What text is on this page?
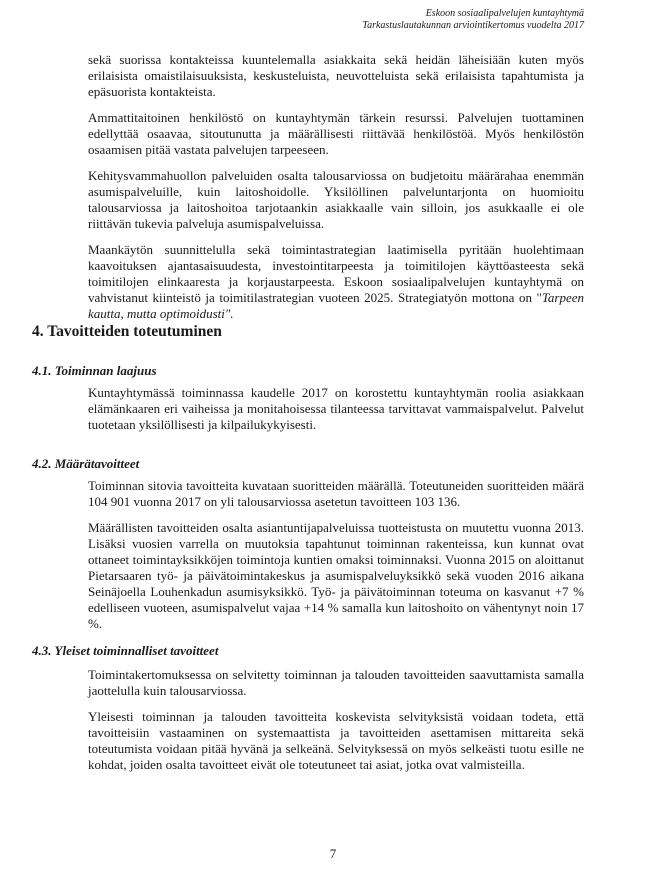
Eskoon sosiaalipalvelujen kuntayhtymä
Tarkastuslautakunnan arviointikertomus vuodelta 2017

sekä suorissa kontakteissa kuuntelemalla asiakkaita sekä heidän läheisiään kuten myös erilaisista omaistilaisuuksista, keskusteluista, neuvotteluista sekä erilaisista tapahtumista ja epäsuorista kontakteista.

Ammattitaitoinen henkilöstö on kuntayhtymän tärkein resurssi. Palvelujen tuottaminen edellyttää osaavaa, sitoutunutta ja määrällisesti riittävää henkilöstöä. Myös henkilöstön osaamisen pitää vastata palvelujen tarpeeseen.

Kehitysvammahuollon palveluiden osalta talousarviossa on budjetoitu määrärahaa enemmän asumispalveluille, kuin laitoshoidolle. Yksilöllinen palveluntarjonta on huomioitu talousarviossa ja laitoshoitoa tarjotaankin asiakkaalle vain silloin, jos asukkaalle ei ole riittävän tukevia palveluja asumispalveluissa.

Maankäytön suunnittelulla sekä toimintastrategian laatimisella pyritään huolehtimaan kaavoituksen ajantasaisuudesta, investointitarpeesta ja toimitilojen käyttöasteesta sekä toimitilojen elinkaaresta ja korjaustarpeesta. Eskoon sosiaalipalvelujen kuntayhtymä on vahvistanut kiinteistö ja toimitilastrategian vuoteen 2025. Strategiatyön mottona on "Tarpeen kautta, mutta optimoidusti".

4. Tavoitteiden toteutuminen
4.1. Toiminnan laajuus

Kuntayhtymässä toiminnassa kaudelle 2017 on korostettu kuntayhtymän roolia asiakkaan elämänkaaren eri vaiheissa ja monitahoisessa tilanteessa tarvittavat vammaispalvelut. Palvelut tuotetaan yksilöllisesti ja kilpailukykyisesti.

4.2. Määrätavoitteet

Toiminnan sitovia tavoitteita kuvataan suoritteiden määrällä. Toteutuneiden suoritteiden määrä 104 901 vuonna 2017 on yli talousarviossa asetetun tavoitteen 103 136.

Määrällisten tavoitteiden osalta asiantuntijapalveluissa tuotteistusta on muutettu vuonna 2013. Lisäksi vuosien varrella on muutoksia tapahtunut toiminnan rakenteissa, kun kunnat ovat ottaneet toimintayksikköjen toimintoja kuntien omaksi toiminnaksi. Vuonna 2015 on aloittanut Pietarsaaren työ- ja päivätoimintakeskus ja asumispalveluyksikkö sekä vuoden 2016 aikana Seinäjoella Louhenkadun asumisyksikkö. Työ- ja päivätoiminnan toteuma on kasvanut +7 % edelliseen vuoteen, asumispalvelut vajaa +14 % samalla kun laitoshoito on vähentynyt noin 17 %.

4.3. Yleiset toiminnalliset tavoitteet

Toimintakertomuksessa on selvitetty toiminnan ja talouden tavoitteiden saavuttamista samalla jaottelulla kuin talousarviossa.

Yleisesti toiminnan ja talouden tavoitteita koskevista selvityksistä voidaan todeta, että tavoitteisiin vastaaminen on systemaattista ja tavoitteiden asettamisen mittareita sekä toteutumista voidaan pitää hyvänä ja selkeänä. Selvityksessä on myös selkeästi tuotu esille ne kohdat, joiden osalta tavoitteet eivät ole toteutuneet tai asiat, jotka ovat valmisteilla.

7
